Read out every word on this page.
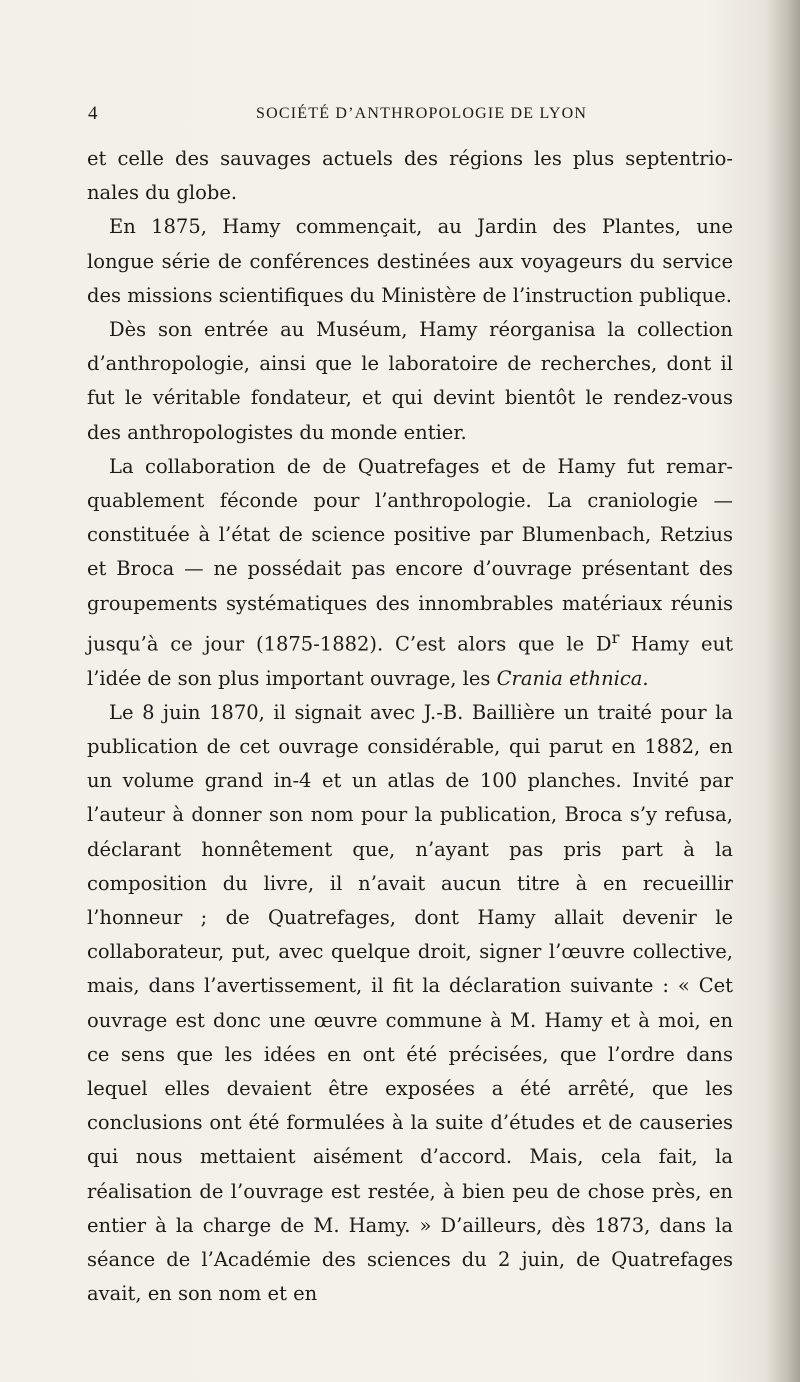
4	SOCIÉTÉ D’ANTHROPOLOGIE DE LYON

et celle des sauvages actuels des régions les plus septentrionales du globe.

En 1875, Hamy commençait, au Jardin des Plantes, une longue série de conférences destinées aux voyageurs du service des missions scientifiques du Ministère de l’instruction publique.

Dès son entrée au Muséum, Hamy réorganisa la collection d’anthropologie, ainsi que le laboratoire de recherches, dont il fut le véritable fondateur, et qui devint bientôt le rendez-vous des anthropologistes du monde entier.

La collaboration de de Quatrefages et de Hamy fut remarquablement féconde pour l’anthropologie. La craniologie — constituée à l’état de science positive par Blumenbach, Retzius et Broca — ne possédait pas encore d’ouvrage présentant des groupements systématiques des innombrables matériaux réunis jusqu’à ce jour (1875-1882). C’est alors que le $D^r$ Hamy eut l’idée de son plus important ouvrage, les Crania ethnica.

Le 8 juin 1870, il signait avec J.-B. Baillière un traité pour la publication de cet ouvrage considérable, qui parut en 1882, en un volume grand in-4 et un atlas de 100 planches. Invité par l’auteur à donner son nom pour la publication, Broca s’y refusa, déclarant honnêtement que, n’ayant pas pris part à la composition du livre, il n’avait aucun titre à en recueillir l’honneur ; de Quatrefages, dont Hamy allait devenir le collaborateur, put, avec quelque droit, signer l’œuvre collective, mais, dans l’avertissement, il fit la déclaration suivante : « Cet ouvrage est donc une œuvre commune à M. Hamy et à moi, en ce sens que les idées en ont été précisées, que l’ordre dans lequel elles devaient être exposées a été arrêté, que les conclusions ont été formulées à la suite d’études et de causeries qui nous mettaient aisément d’accord. Mais, cela fait, la réalisation de l’ouvrage est restée, à bien peu de chose près, en entier à la charge de M. Hamy. » D’ailleurs, dès 1873, dans la séance de l’Académie des sciences du 2 juin, de Quatrefages avait, en son nom et en
